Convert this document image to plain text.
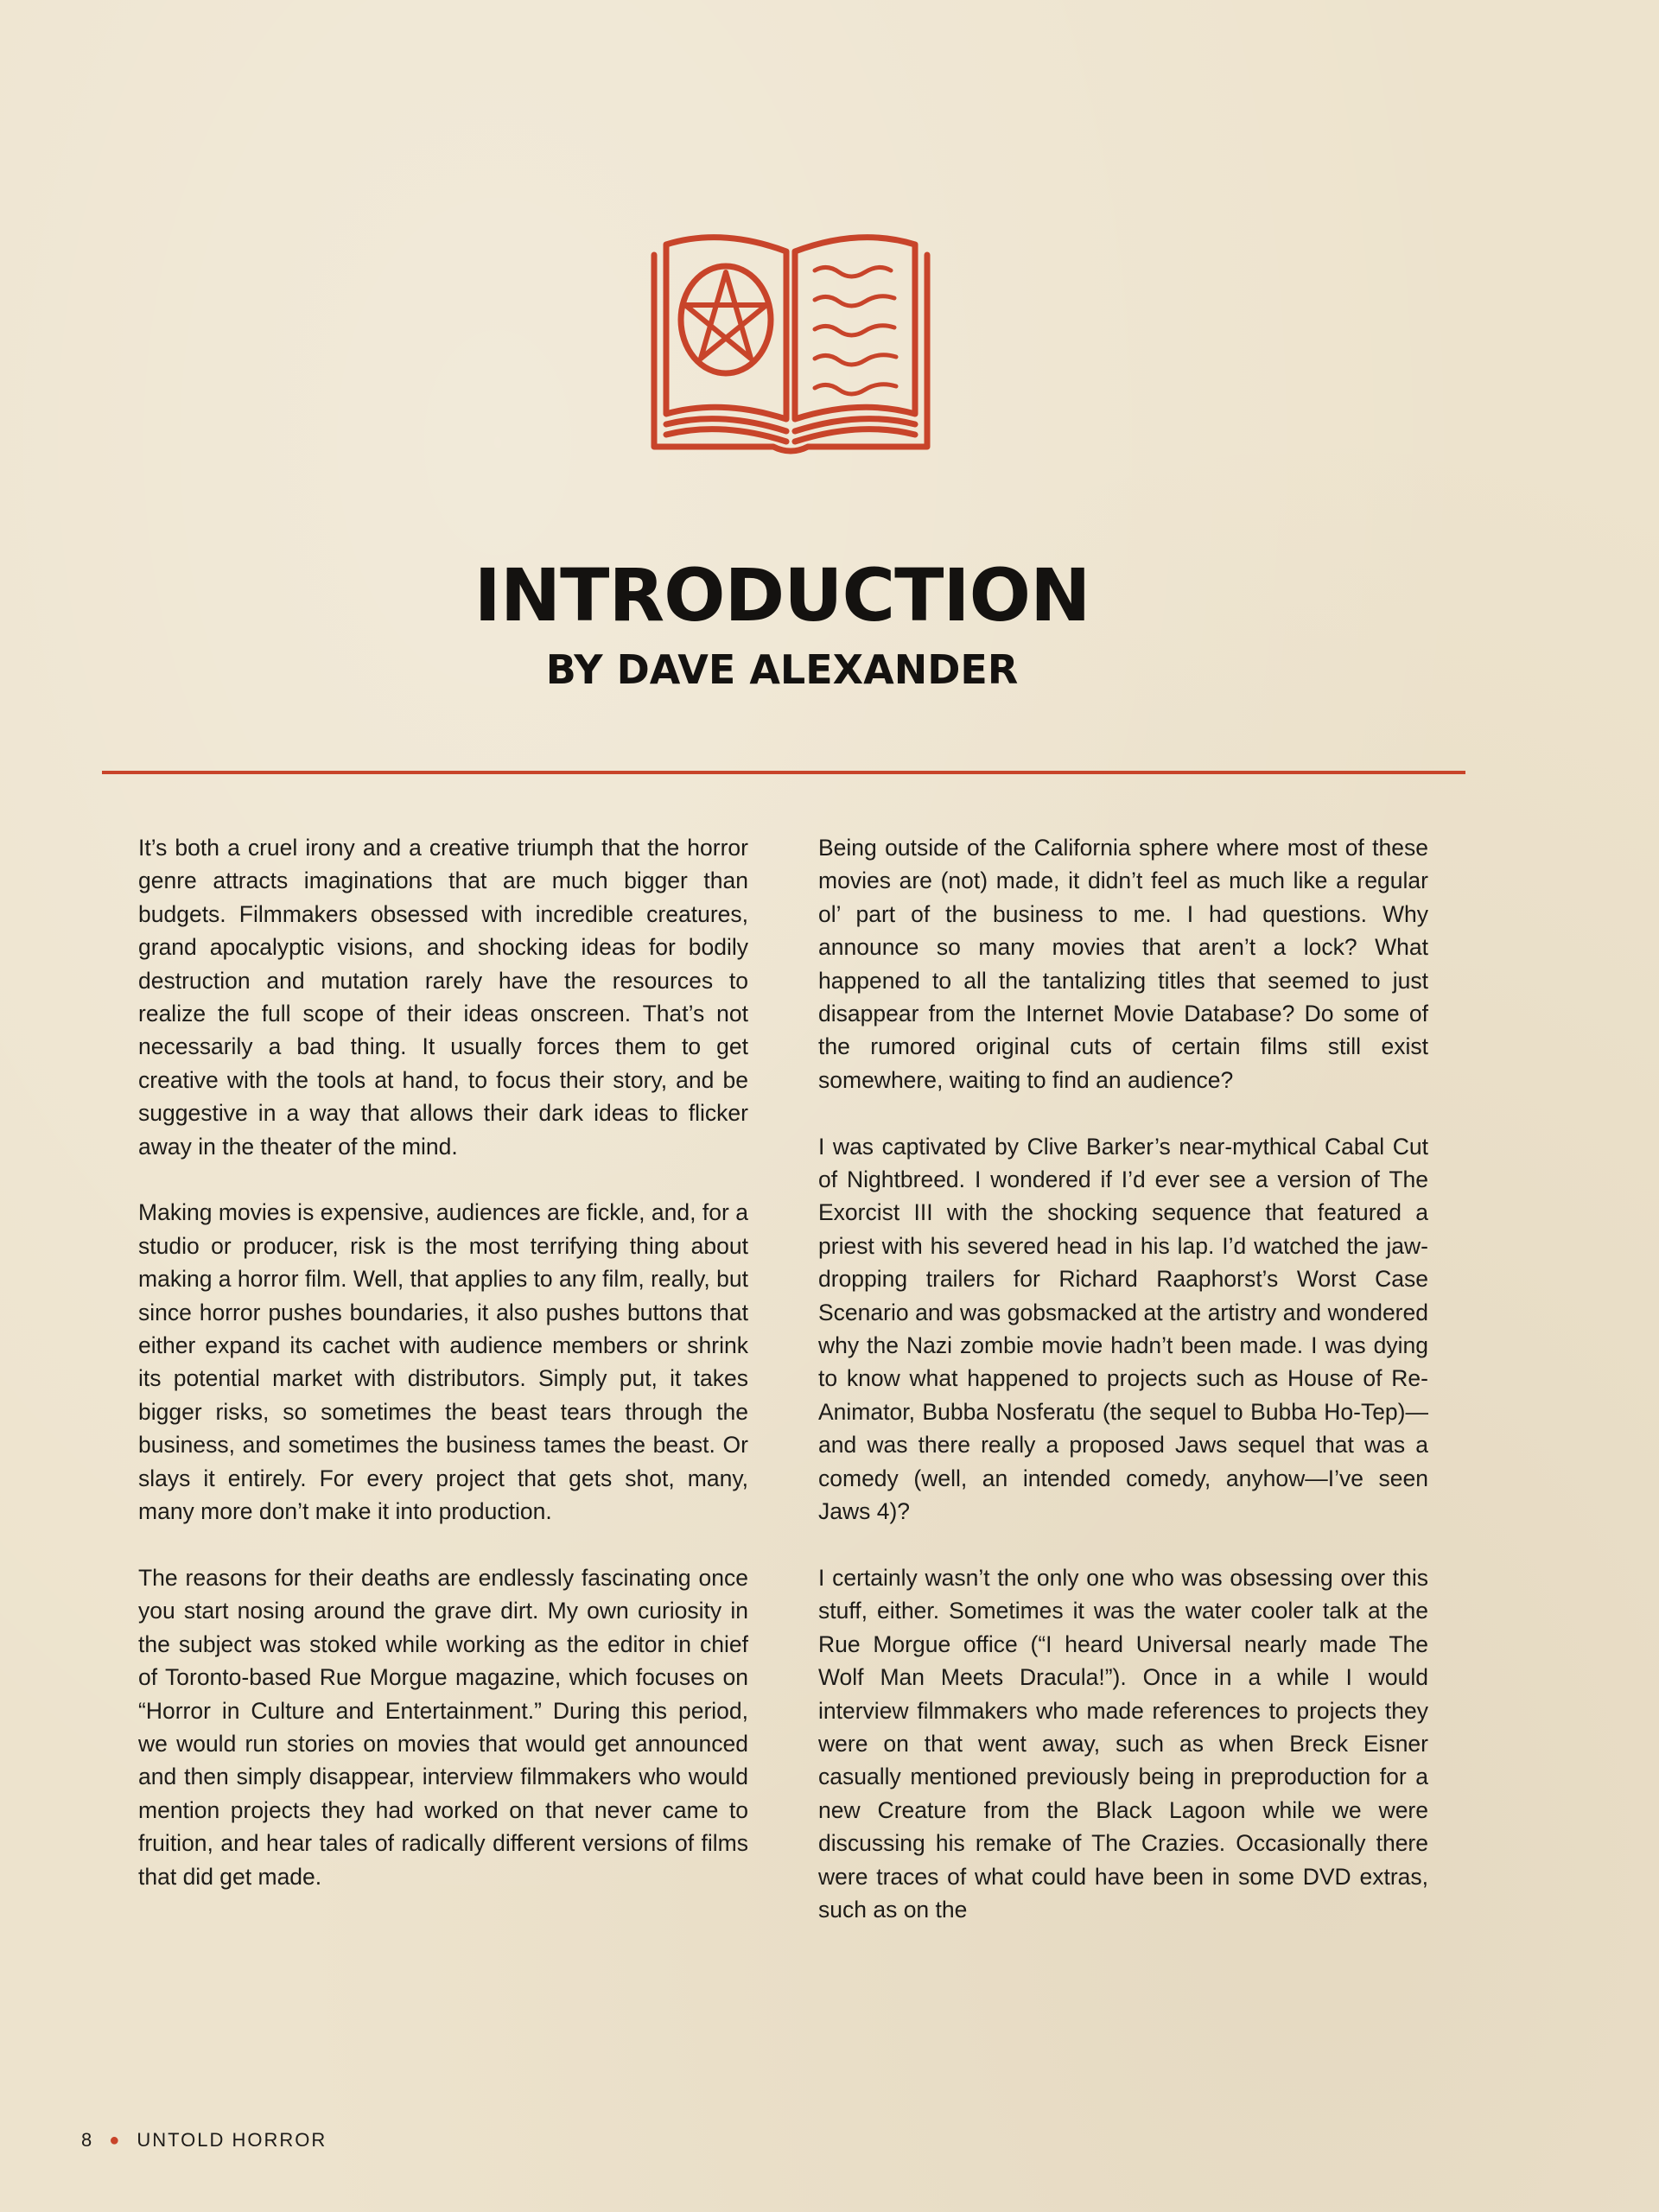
INTRODUCTION
BY DAVE ALEXANDER

It’s both a cruel irony and a creative triumph that the horror genre attracts imaginations that are much bigger than budgets. Filmmakers obsessed with incredible creatures, grand apocalyptic visions, and shocking ideas for bodily destruction and mutation rarely have the resources to realize the full scope of their ideas onscreen. That’s not necessarily a bad thing. It usually forces them to get creative with the tools at hand, to focus their story, and be suggestive in a way that allows their dark ideas to flicker away in the theater of the mind.

Making movies is expensive, audiences are fickle, and, for a studio or producer, risk is the most terrifying thing about making a horror film. Well, that applies to any film, really, but since horror pushes boundaries, it also pushes buttons that either expand its cachet with audience members or shrink its potential market with distributors. Simply put, it takes bigger risks, so sometimes the beast tears through the business, and sometimes the business tames the beast. Or slays it entirely. For every project that gets shot, many, many more don’t make it into production.

The reasons for their deaths are endlessly fascinating once you start nosing around the grave dirt. My own curiosity in the subject was stoked while working as the editor in chief of Toronto-based Rue Morgue magazine, which focuses on “Horror in Culture and Entertainment.” During this period, we would run stories on movies that would get announced and then simply disappear, interview filmmakers who would mention projects they had worked on that never came to fruition, and hear tales of radically different versions of films that did get made.

Being outside of the California sphere where most of these movies are (not) made, it didn’t feel as much like a regular ol’ part of the business to me. I had questions. Why announce so many movies that aren’t a lock? What happened to all the tantalizing titles that seemed to just disappear from the Internet Movie Database? Do some of the rumored original cuts of certain films still exist somewhere, waiting to find an audience?

I was captivated by Clive Barker’s near-mythical Cabal Cut of Nightbreed. I wondered if I’d ever see a version of The Exorcist III with the shocking sequence that featured a priest with his severed head in his lap. I’d watched the jaw-dropping trailers for Richard Raaphorst’s Worst Case Scenario and was gobsmacked at the artistry and wondered why the Nazi zombie movie hadn’t been made. I was dying to know what happened to projects such as House of Re-Animator, Bubba Nosferatu (the sequel to Bubba Ho-Tep)—and was there really a proposed Jaws sequel that was a comedy (well, an intended comedy, anyhow—I’ve seen Jaws 4)?

I certainly wasn’t the only one who was obsessing over this stuff, either. Sometimes it was the water cooler talk at the Rue Morgue office (“I heard Universal nearly made The Wolf Man Meets Dracula!”). Once in a while I would interview filmmakers who made references to projects they were on that went away, such as when Breck Eisner casually mentioned previously being in preproduction for a new Creature from the Black Lagoon while we were discussing his remake of The Crazies. Occasionally there were traces of what could have been in some DVD extras, such as on the

8 ● UNTOLD HORROR
